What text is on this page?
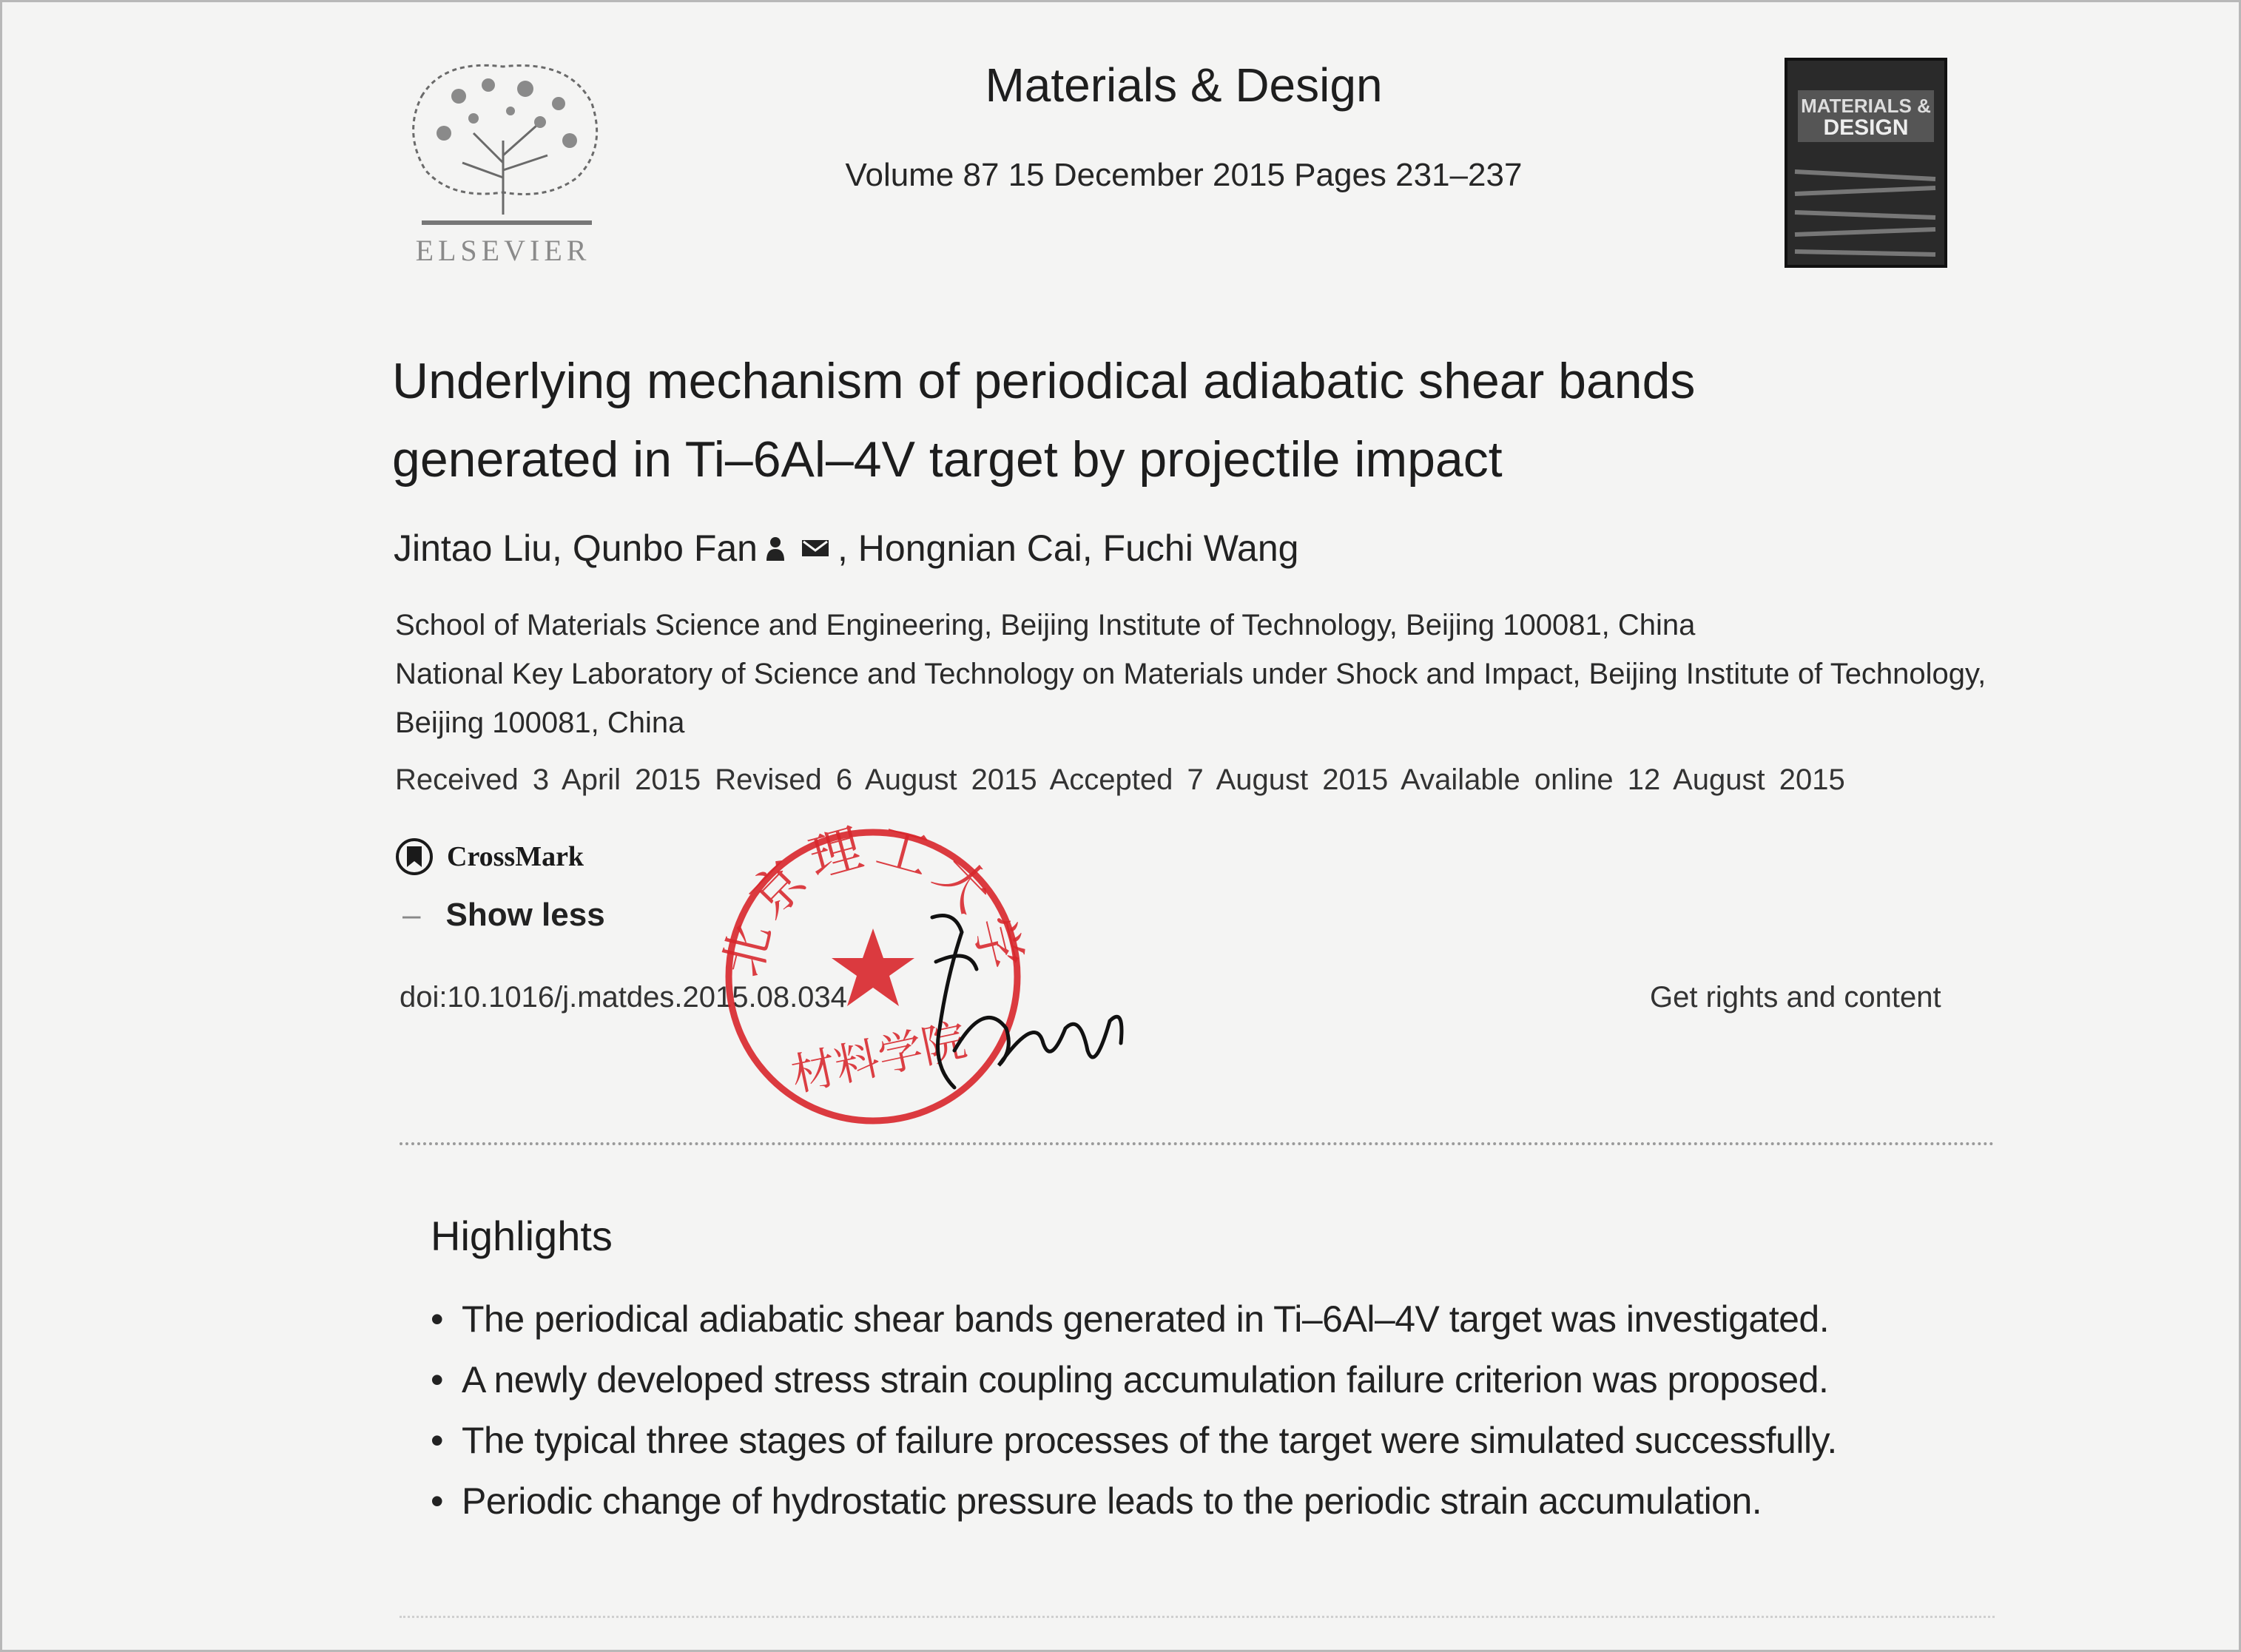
ELSEVIER
Materials & Design
Volume 87 15 December 2015 Pages 231–237
MATERIALS &
DESIGN
Underlying mechanism of periodical adiabatic shear bands
generated in Ti–6Al–4V target by projectile impact
Jintao Liu, Qunbo Fan , Hongnian Cai, Fuchi Wang
School of Materials Science and Engineering, Beijing Institute of Technology, Beijing 100081, China
National Key Laboratory of Science and Technology on Materials under Shock and Impact, Beijing Institute of Technology, Beijing 100081, China
Received 3 April 2015 Revised 6 August 2015 Accepted 7 August 2015 Available online 12 August 2015
CrossMark
– Show less
doi:10.1016/j.matdes.2015.08.034	Get rights and content
北京理工大学
材料学院
Highlights
• The periodical adiabatic shear bands generated in Ti–6Al–4V target was investigated.
• A newly developed stress strain coupling accumulation failure criterion was proposed.
• The typical three stages of failure processes of the target were simulated successfully.
• Periodic change of hydrostatic pressure leads to the periodic strain accumulation.
